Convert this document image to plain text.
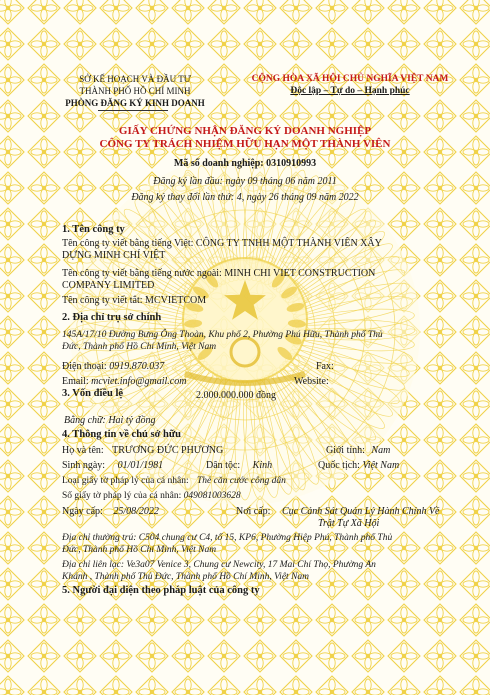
SỞ KẾ HOẠCH VÀ ĐẦU TƯ
THÀNH PHỐ HỒ CHÍ MINH
PHÒNG ĐĂNG KÝ KINH DOANH
CỘNG HÒA XÃ HỘI CHỦ NGHĨA VIỆT NAM
Độc lập – Tự do – Hạnh phúc
GIẤY CHỨNG NHẬN ĐĂNG KÝ DOANH NGHIỆP
CÔNG TY TRÁCH NHIỆM HỮU HẠN MỘT THÀNH VIÊN
Mã số doanh nghiệp: 0310910993
Đăng ký lần đầu: ngày 09 tháng 06 năm 2011
Đăng ký thay đổi lần thứ: 4, ngày 26 tháng 09 năm 2022
1. Tên công ty
Tên công ty viết bằng tiếng Việt: CÔNG TY TNHH MỘT THÀNH VIÊN XÂY
DỰNG MINH CHÍ VIỆT
Tên công ty viết bằng tiếng nước ngoài: MINH CHI VIET CONSTRUCTION
COMPANY LIMITED
Tên công ty viết tắt: MCVIETCOM
2. Địa chỉ trụ sở chính
145A/17/10 Đường Bưng Ông Thoàn, Khu phố 2, Phường Phú Hữu, Thành phố Thủ
Đức, Thành phố Hồ Chí Minh, Việt Nam
Điện thoại: 0919.870.037	Fax:
Email: mcviet.info@gmail.com	Website:
3. Vốn điều lệ	2.000.000.000 đồng
Bằng chữ: Hai tỷ đồng
4. Thông tin về chủ sở hữu
Họ và tên: TRƯƠNG ĐỨC PHƯƠNG	Giới tính: Nam
Sinh ngày: 01/01/1981	Dân tộc: Kinh	Quốc tịch: Việt Nam
Loại giấy tờ pháp lý của cá nhân: Thẻ căn cước công dân
Số giấy tờ pháp lý của cá nhân: 049081003628
Ngày cấp: 25/08/2022	Nơi cấp: Cục Cảnh Sát Quản Lý Hành Chính Về
Trật Tự Xã Hội
Địa chỉ thường trú: C504 chung cư C4, tổ 15, KP6, Phường Hiệp Phú, Thành phố Thủ
Đức, Thành phố Hồ Chí Minh, Việt Nam
Địa chỉ liên lạc: Ve3a07 Venice 3, Chung cư Newcity, 17 Mai Chí Thọ, Phường An
Khánh , Thành phố Thủ Đức, Thành phố Hồ Chí Minh, Việt Nam
5. Người đại diện theo pháp luật của công ty
